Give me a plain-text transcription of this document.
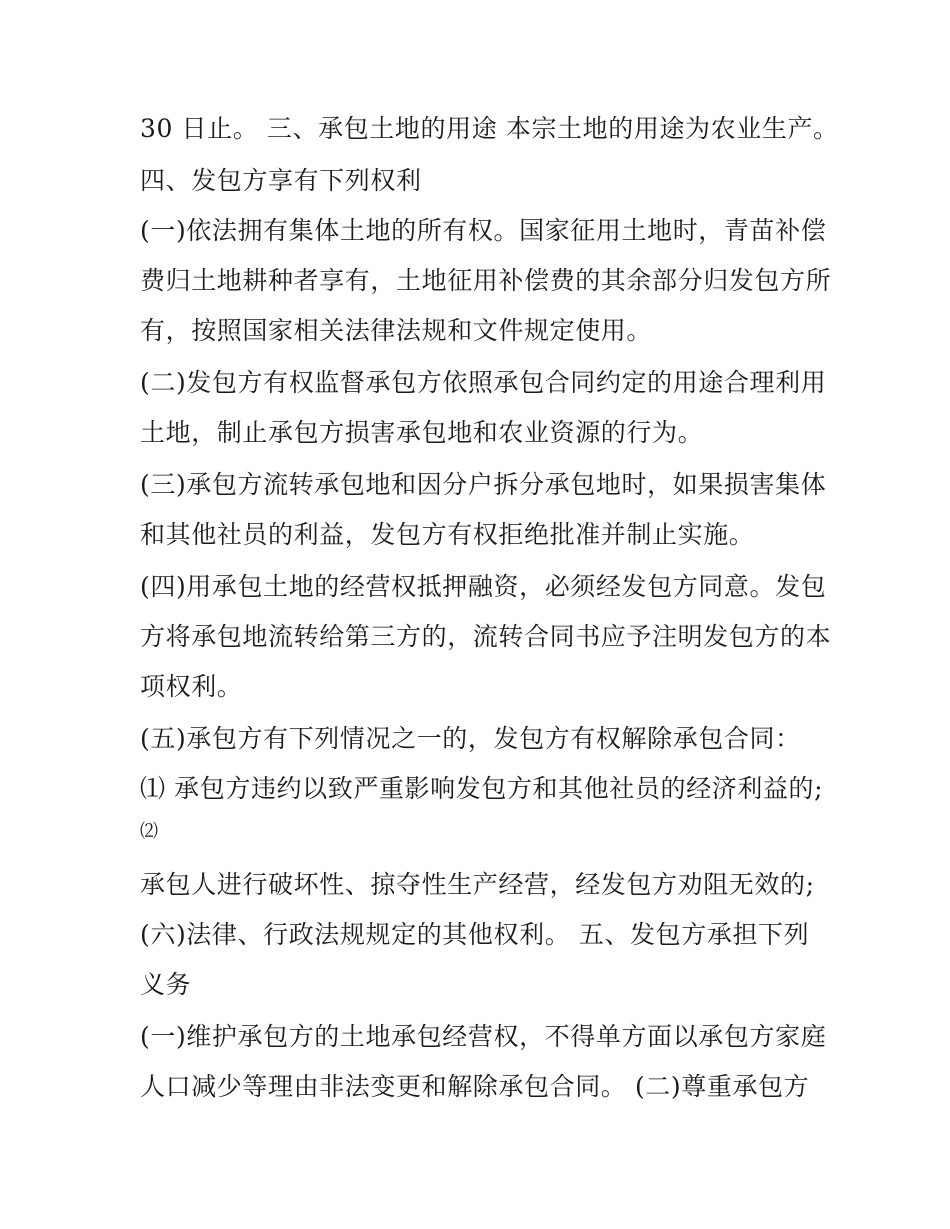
30 日止。 三、承包土地的用途 本宗土地的用途为农业生产。

四、发包方享有下列权利

(一)依法拥有集体土地的所有权。国家征用土地时，青苗补偿

费归土地耕种者享有，土地征用补偿费的其余部分归发包方所

有，按照国家相关法律法规和文件规定使用。

(二)发包方有权监督承包方依照承包合同约定的用途合理利用

土地，制止承包方损害承包地和农业资源的行为。

(三)承包方流转承包地和因分户拆分承包地时，如果损害集体

和其他社员的利益，发包方有权拒绝批准并制止实施。

(四)用承包土地的经营权抵押融资，必须经发包方同意。发包

方将承包地流转给第三方的，流转合同书应予注明发包方的本

项权利。

(五)承包方有下列情况之一的，发包方有权解除承包合同：

⑴ 承包方违约以致严重影响发包方和其他社员的经济利益的;

⑵

承包人进行破坏性、掠夺性生产经营，经发包方劝阻无效的;

(六)法律、行政法规规定的其他权利。 五、发包方承担下列

义务

(一)维护承包方的土地承包经营权，不得单方面以承包方家庭

人口减少等理由非法变更和解除承包合同。 (二)尊重承包方
